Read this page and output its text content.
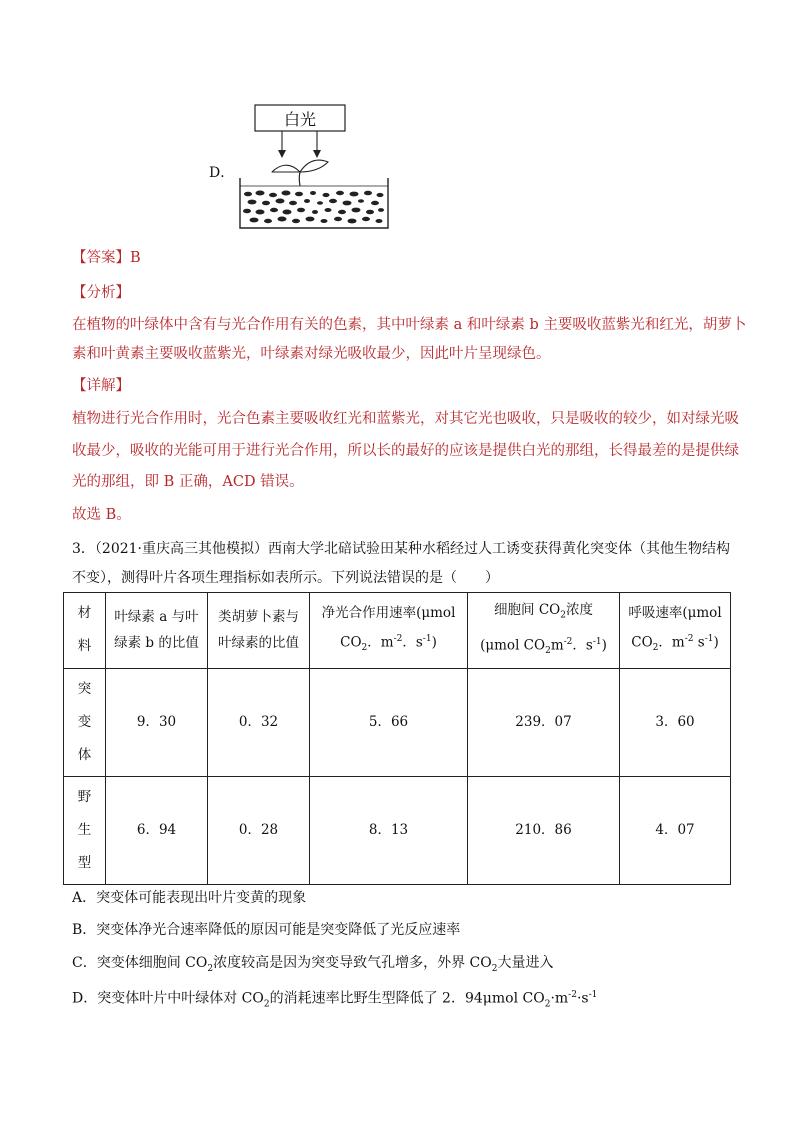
D．
白光
【答案】B
【分析】
在植物的叶绿体中含有与光合作用有关的色素，其中叶绿素 a 和叶绿素 b 主要吸收蓝紫光和红光，胡萝卜
素和叶黄素主要吸收蓝紫光，叶绿素对绿光吸收最少，因此叶片呈现绿色。
【详解】
植物进行光合作用时，光合色素主要吸收红光和蓝紫光，对其它光也吸收，只是吸收的较少，如对绿光吸
收最少，吸收的光能可用于进行光合作用，所以长的最好的应该是提供白光的那组，长得最差的是提供绿
光的那组，即 B 正确，ACD 错误。
故选 B。
3．（2021·重庆高三其他模拟）西南大学北碚试验田某种水稻经过人工诱变获得黄化突变体（其他生物结构
不变），测得叶片各项生理指标如表所示。下列说法错误的是（　　）
材料	叶绿素 a 与叶绿素 b 的比值	类胡萝卜素与叶绿素的比值	净光合作用速率(μmol
$CO_2$．$m^{-2}$．$s^{-1}$)	细胞间 $CO_2$浓度
(μmol $CO_2m^{-2}$．$s^{-1}$)	呼吸速率(μmol
$CO_2$．$m^{-2}$ $s^{-1}$)
突变体	9．30	0．32	5．66	239．07	3．60
野生型	6．94	0．28	8．13	210．86	4．07
A．突变体可能表现出叶片变黄的现象
B．突变体净光合速率降低的原因可能是突变降低了光反应速率
C．突变体细胞间 $CO_2$浓度较高是因为突变导致气孔增多，外界 $CO_2$大量进入
D．突变体叶片中叶绿体对 $CO_2$的消耗速率比野生型降低了 2．94μmol $CO_2\cdot m^{-2}\cdot s^{-1}$
